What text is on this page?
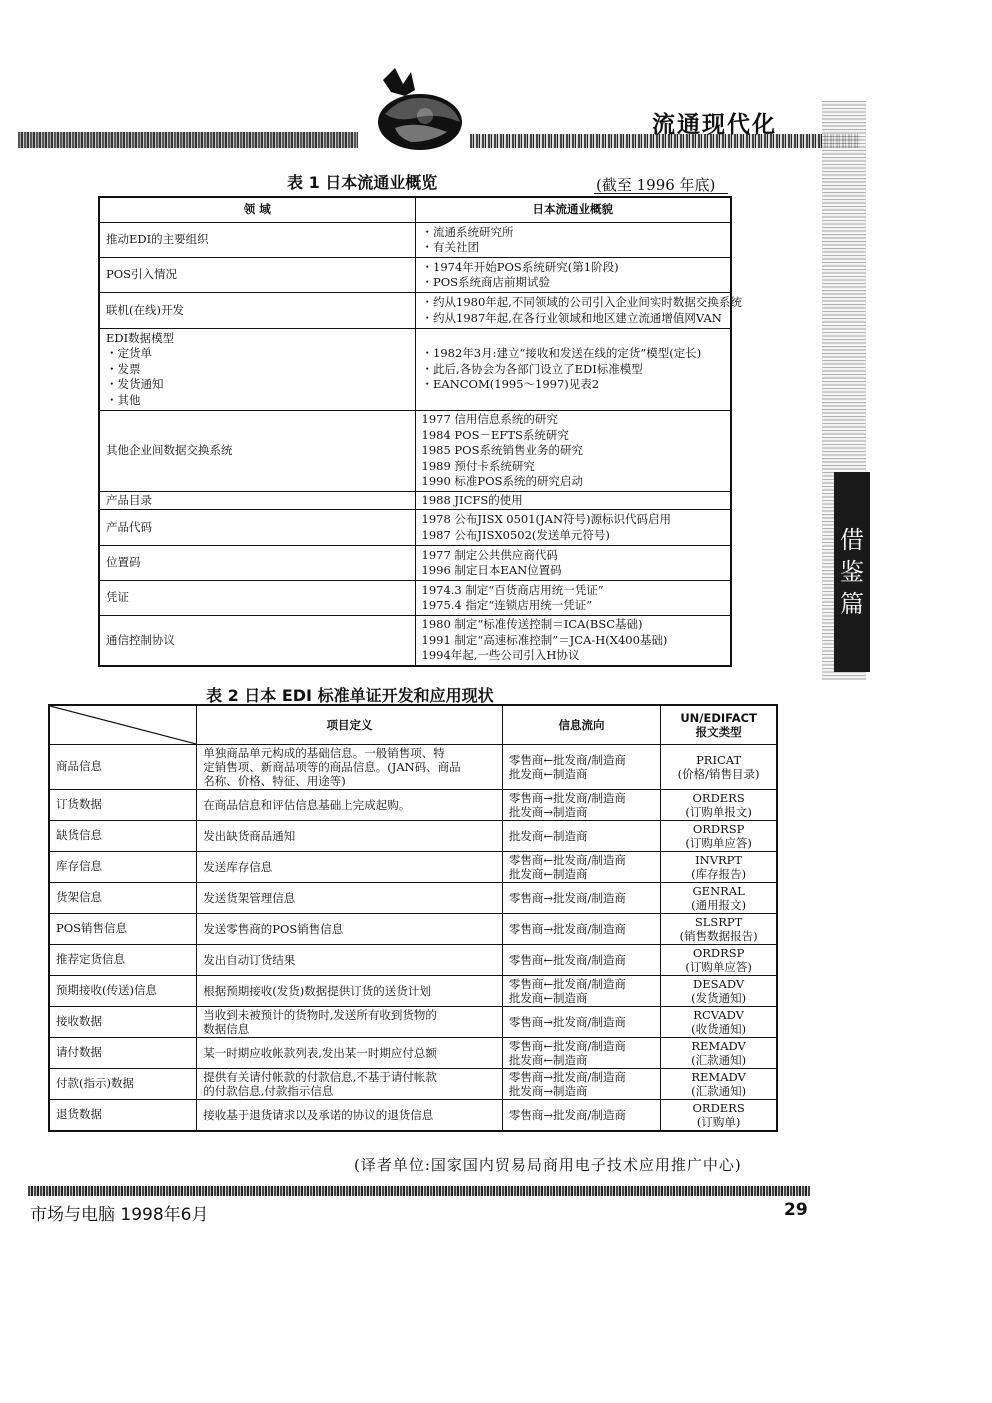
流通现代化
借
鉴
篇
表 1 日本流通业概览	(截至 1996 年底)
领 域	日本流通业概貌

推动EDI的主要组织	・流通系统研究所
・有关社团

POS引入情况	・1974年开始POS系统研究(第1阶段)
・POS系统商店前期试验

联机(在线)开发	・约从1980年起,不同领域的公司引入企业间实时数据交换系统
・约从1987年起,在各行业领域和地区建立流通增值网VAN

EDI数据模型
・定货单
・发票
・发货通知
・其他	・1982年3月:建立“接收和发送在线的定货”模型(定长)
・此后,各协会为各部门设立了EDI标准模型
・EANCOM(1995～1997)见表2

其他企业间数据交换系统	1977 信用信息系统的研究
1984 POS－EFTS系统研究
1985 POS系统销售业务的研究
1989 预付卡系统研究
1990 标准POS系统的研究启动

产品目录	1988 JICFS的使用

产品代码	1978 公布JISX 0501(JAN符号)源标识代码启用
1987 公布JISX0502(发送单元符号)

位置码	1977 制定公共供应商代码
1996 制定日本EAN位置码

凭证	1974.3 制定“百货商店用统一凭证”
1975.4 指定“连锁店用统一凭证”

通信控制协议	1980 制定“标准传送控制＝ICA(BSC基础)
1991 制定“高速标准控制”＝JCA-H(X400基础)
1994年起,一些公司引入H协议
表 2 日本 EDI 标准单证开发和应用现状
	项目定义	信息流向	UN/EDIFACT
报文类型

商品信息	单独商品单元构成的基础信息。一般销售项、特
定销售项、新商品项等的商品信息。(JAN码、商品
名称、价格、特征、用途等)	零售商←批发商/制造商
批发商←制造商	PRICAT
(价格/销售目录)

订货数据	在商品信息和评估信息基础上完成起购。	零售商→批发商/制造商
批发商→制造商	ORDERS
(订购单报文)

缺货信息	发出缺货商品通知	批发商←制造商	ORDRSP
(订购单应答)

库存信息	发送库存信息	零售商←批发商/制造商
批发商←制造商	INVRPT
(库存报告)

货架信息	发送货架管理信息	零售商→批发商/制造商	GENRAL
(通用报文)

POS销售信息	发送零售商的POS销售信息	零售商→批发商/制造商	SLSRPT
(销售数据报告)

推荐定货信息	发出自动订货结果	零售商←批发商/制造商	ORDRSP
(订购单应答)

预期接收(传送)信息	根据预期接收(发货)数据提供订货的送货计划	零售商←批发商/制造商
批发商←制造商	DESADV
(发货通知)

接收数据	当收到未被预计的货物时,发送所有收到货物的
数据信息	零售商→批发商/制造商	RCVADV
(收货通知)

请付数据	某一时期应收帐款列表,发出某一时期应付总额	零售商←批发商/制造商
批发商←制造商	REMADV
(汇款通知)

付款(指示)数据	提供有关请付帐款的付款信息,不基于请付帐款
的付款信息,付款指示信息	零售商→批发商/制造商
批发商→制造商	REMADV
(汇款通知)

退货数据	接收基于退货请求以及承诺的协议的退货信息	零售商→批发商/制造商	ORDERS
(订购单)
(译者单位:国家国内贸易局商用电子技术应用推广中心)
市场与电脑 1998年6月	29
